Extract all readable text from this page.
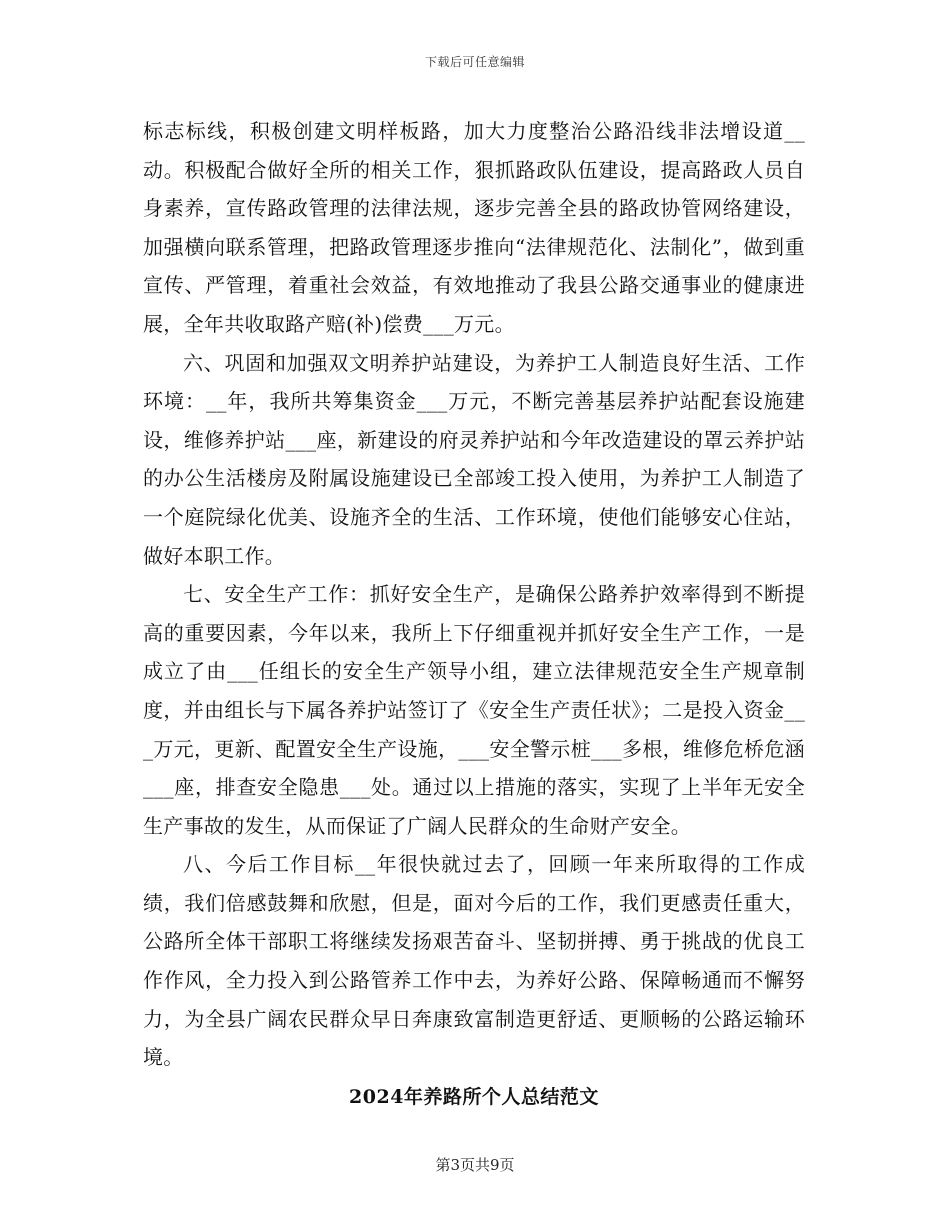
下载后可任意编辑

标志标线，积极创建文明样板路，加大力度整治公路沿线非法增设道__动。积极配合做好全所的相关工作，狠抓路政队伍建设，提高路政人员自身素养，宣传路政管理的法律法规，逐步完善全县的路政协管网络建设，加强横向联系管理，把路政管理逐步推向“法律规范化、法制化”，做到重宣传、严管理，着重社会效益，有效地推动了我县公路交通事业的健康进展，全年共收取路产赔(补)偿费___万元。

六、巩固和加强双文明养护站建设，为养护工人制造良好生活、工作环境：__年，我所共筹集资金___万元，不断完善基层养护站配套设施建设，维修养护站___座，新建设的府灵养护站和今年改造建设的罩云养护站的办公生活楼房及附属设施建设已全部竣工投入使用，为养护工人制造了一个庭院绿化优美、设施齐全的生活、工作环境，使他们能够安心住站，做好本职工作。

七、安全生产工作：抓好安全生产，是确保公路养护效率得到不断提高的重要因素，今年以来，我所上下仔细重视并抓好安全生产工作，一是成立了由___任组长的安全生产领导小组，建立法律规范安全生产规章制度，并由组长与下属各养护站签订了《安全生产责任状》；二是投入资金___万元，更新、配置安全生产设施，___安全警示桩___多根，维修危桥危涵___座，排查安全隐患___处。通过以上措施的落实，实现了上半年无安全生产事故的发生，从而保证了广阔人民群众的生命财产安全。

八、今后工作目标__年很快就过去了，回顾一年来所取得的工作成绩，我们倍感鼓舞和欣慰，但是，面对今后的工作，我们更感责任重大，公路所全体干部职工将继续发扬艰苦奋斗、坚韧拼搏、勇于挑战的优良工作作风，全力投入到公路管养工作中去，为养好公路、保障畅通而不懈努力，为全县广阔农民群众早日奔康致富制造更舒适、更顺畅的公路运输环境。

2024年养路所个人总结范文

第3页共9页
